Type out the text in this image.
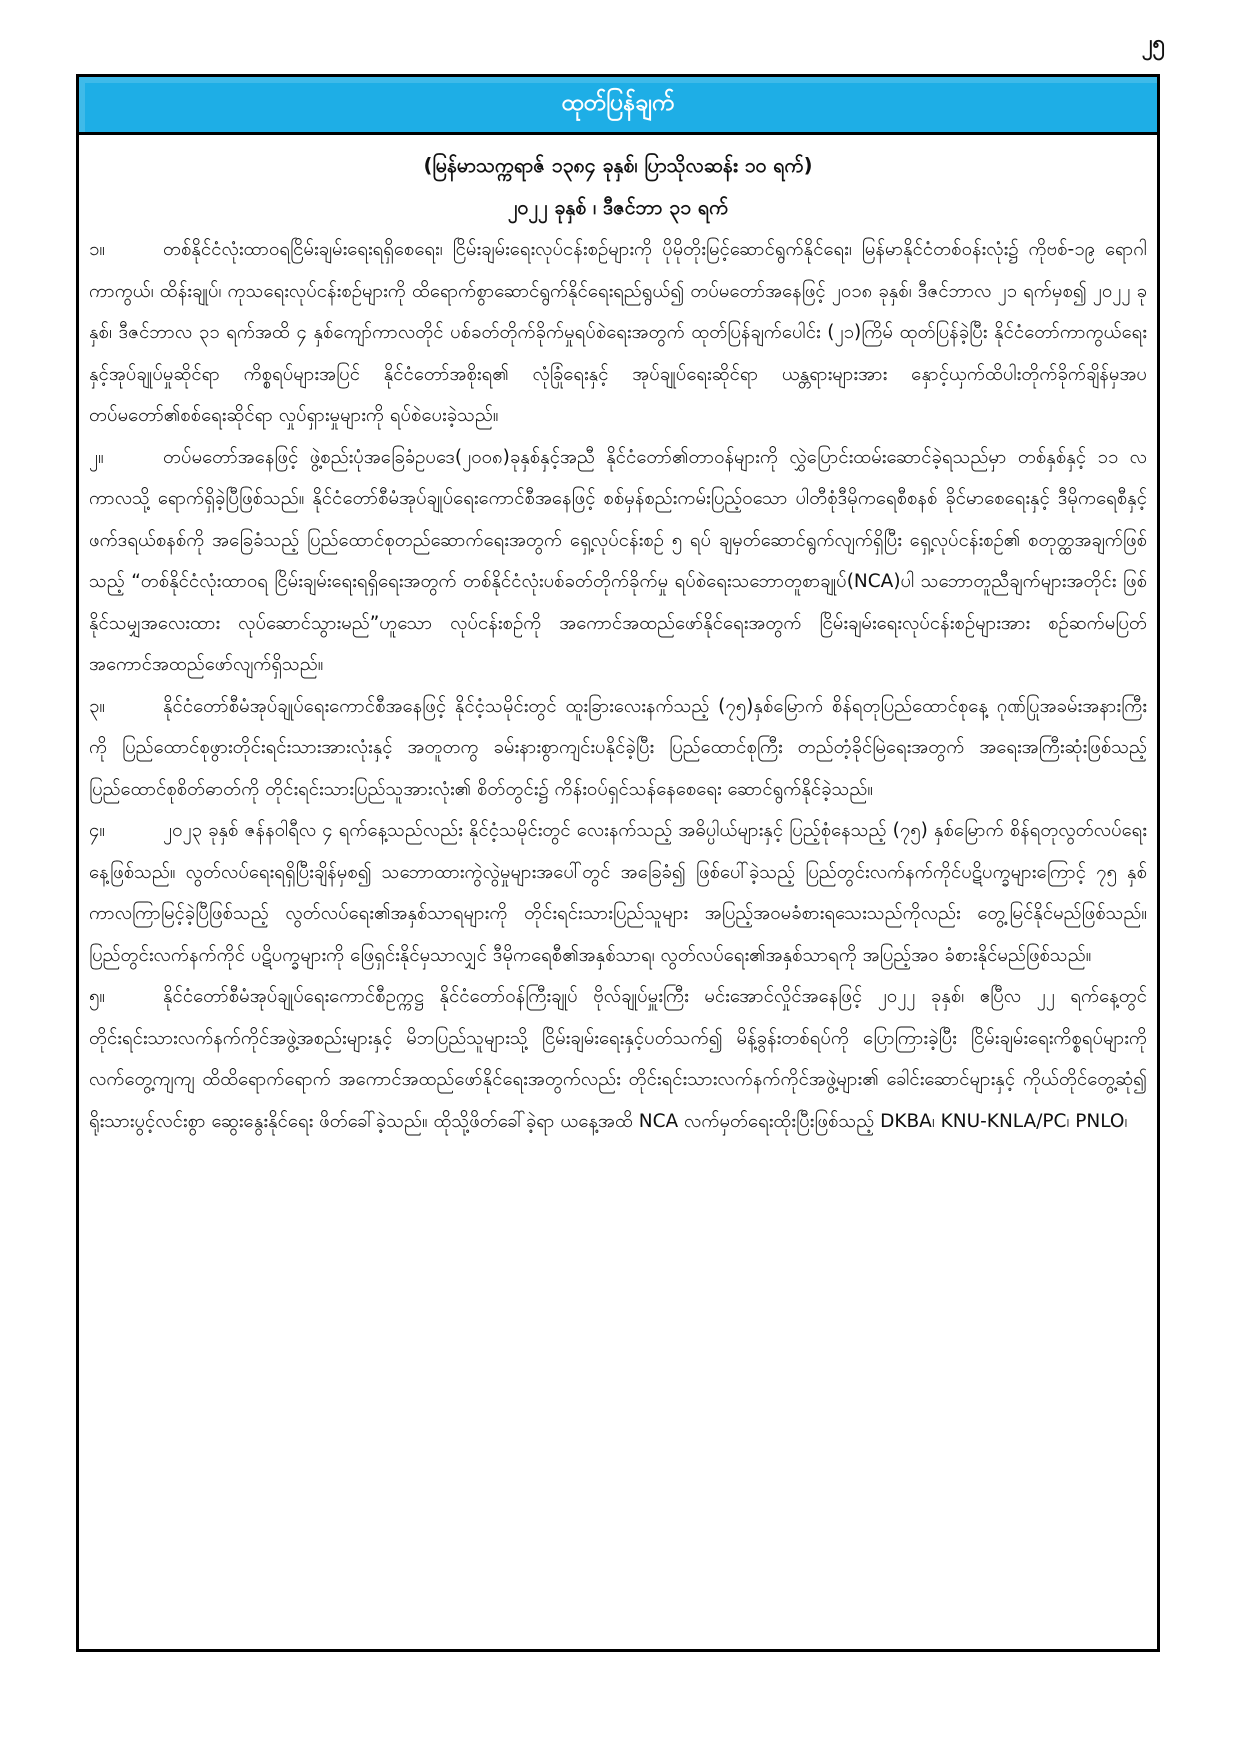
၂၅
ထုတ်ပြန်ချက်
(မြန်မာသက္ကရာဇ် ၁၃၈၄ ခုနှစ်၊ ပြာသိုလဆန်း ၁၀ ရက်)
၂၀၂၂ ခုနှစ် ၊ ဒီဇင်ဘာ ၃၁ ရက်

၁။	တစ်နိုင်ငံလုံးထာဝရငြိမ်းချမ်းရေးရရှိစေရေး၊ ငြိမ်းချမ်းရေးလုပ်ငန်းစဉ်များကို ပိုမိုတိုးမြင့်ဆောင်ရွက်နိုင်ရေး၊ မြန်မာနိုင်ငံတစ်ဝန်းလုံး၌ ကိုဗစ်-၁၉ ရောဂါ ကာကွယ်၊ ထိန်းချုပ်၊ ကုသရေးလုပ်ငန်းစဉ်များကို ထိရောက်စွာဆောင်ရွက်နိုင်ရေးရည်ရွယ်၍ တပ်မတော်အနေဖြင့် ၂၀၁၈ ခုနှစ်၊ ဒီဇင်ဘာလ ၂၁ ရက်မှစ၍ ၂၀၂၂ ခုနှစ်၊ ဒီဇင်ဘာလ ၃၁ ရက်အထိ ၄ နှစ်ကျော်ကာလတိုင် ပစ်ခတ်တိုက်ခိုက်မှုရပ်စဲရေးအတွက် ထုတ်ပြန်ချက်ပေါင်း (၂၁)ကြိမ် ထုတ်ပြန်ခဲ့ပြီး နိုင်ငံတော်ကာကွယ်ရေးနှင့်အုပ်ချုပ်မှုဆိုင်ရာ ကိစ္စရပ်များအပြင် နိုင်ငံတော်အစိုးရ၏ လုံခြုံရေးနှင့် အုပ်ချုပ်ရေးဆိုင်ရာ ယန္တရားများအား နှောင့်ယှက်ထိပါးတိုက်ခိုက်ချိန်မှအပ တပ်မတော်၏စစ်ရေးဆိုင်ရာ လှုပ်ရှားမှုများကို ရပ်စဲပေးခဲ့သည်။

၂။	တပ်မတော်အနေဖြင့် ဖွဲ့စည်းပုံအခြေခံဥပဒေ(၂၀၀၈)ခုနှစ်နှင့်အညီ နိုင်ငံတော်၏တာဝန်များကို လွှဲပြောင်းထမ်းဆောင်ခဲ့ရသည်မှာ တစ်နှစ်နှင့် ၁၁ လကာလသို့ ရောက်ရှိခဲ့ပြီဖြစ်သည်။ နိုင်ငံတော်စီမံအုပ်ချုပ်ရေးကောင်စီအနေဖြင့် စစ်မှန်စည်းကမ်းပြည့်ဝသော ပါတီစုံဒီမိုကရေစီစနစ် ခိုင်မာစေရေးနှင့် ဒီမိုကရေစီနှင့်ဖက်ဒရယ်စနစ်ကို အခြေခံသည့် ပြည်ထောင်စုတည်ဆောက်ရေးအတွက် ရှေ့လုပ်ငန်းစဉ် ၅ ရပ် ချမှတ်ဆောင်ရွက်လျက်ရှိပြီး ရှေ့လုပ်ငန်းစဉ်၏ စတုတ္ထအချက်ဖြစ်သည့် “တစ်နိုင်ငံလုံးထာဝရ ငြိမ်းချမ်းရေးရရှိရေးအတွက် တစ်နိုင်ငံလုံးပစ်ခတ်တိုက်ခိုက်မှု ရပ်စဲရေးသဘောတူစာချုပ်(NCA)ပါ သဘောတူညီချက်များအတိုင်း ဖြစ်နိုင်သမျှအလေးထား လုပ်ဆောင်သွားမည်”ဟူသော လုပ်ငန်းစဉ်ကို အကောင်အထည်ဖော်နိုင်ရေးအတွက် ငြိမ်းချမ်းရေးလုပ်ငန်းစဉ်များအား စဉ်ဆက်မပြတ် အကောင်အထည်ဖော်လျက်ရှိသည်။

၃။	နိုင်ငံတော်စီမံအုပ်ချုပ်ရေးကောင်စီအနေဖြင့် နိုင်ငံ့သမိုင်းတွင် ထူးခြားလေးနက်သည့် (၇၅)နှစ်မြောက် စိန်ရတုပြည်ထောင်စုနေ့ ဂုဏ်ပြုအခမ်းအနားကြီးကို ပြည်ထောင်စုဖွားတိုင်းရင်းသားအားလုံးနှင့် အတူတကွ ခမ်းနားစွာကျင်းပနိုင်ခဲ့ပြီး ပြည်ထောင်စုကြီး တည်တံ့ခိုင်မြဲရေးအတွက် အရေးအကြီးဆုံးဖြစ်သည့် ပြည်ထောင်စုစိတ်ဓာတ်ကို တိုင်းရင်းသားပြည်သူအားလုံး၏ စိတ်တွင်း၌ ကိန်းဝပ်ရှင်သန်နေစေရေး ဆောင်ရွက်နိုင်ခဲ့သည်။

၄။	၂၀၂၃ ခုနှစ် ဇန်နဝါရီလ ၄ ရက်နေ့သည်လည်း နိုင်ငံ့သမိုင်းတွင် လေးနက်သည့် အဓိပ္ပါယ်များနှင့် ပြည့်စုံနေသည့် (၇၅) နှစ်မြောက် စိန်ရတုလွတ်လပ်ရေးနေ့ဖြစ်သည်။ လွတ်လပ်ရေးရရှိပြီးချိန်မှစ၍ သဘောထားကွဲလွဲမှုများအပေါ်တွင် အခြေခံ၍ ဖြစ်ပေါ်ခဲ့သည့် ပြည်တွင်းလက်နက်ကိုင်ပဋိပက္ခများကြောင့် ၇၅ နှစ်ကာလကြာမြင့်ခဲ့ပြီဖြစ်သည့် လွတ်လပ်ရေး၏အနှစ်သာရများကို တိုင်းရင်းသားပြည်သူများ အပြည့်အဝမခံစားရသေးသည်ကိုလည်း တွေ့မြင်နိုင်မည်ဖြစ်သည်။ ပြည်တွင်းလက်နက်ကိုင် ပဋိပက္ခများကို ဖြေရှင်းနိုင်မှသာလျှင် ဒီမိုကရေစီ၏အနှစ်သာရ၊ လွတ်လပ်ရေး၏အနှစ်သာရကို အပြည့်အဝ ခံစားနိုင်မည်ဖြစ်သည်။

၅။	နိုင်ငံတော်စီမံအုပ်ချုပ်ရေးကောင်စီဥက္ကဋ္ဌ နိုင်ငံတော်ဝန်ကြီးချုပ် ဗိုလ်ချုပ်မှူးကြီး မင်းအောင်လှိုင်အနေဖြင့် ၂၀၂၂ ခုနှစ်၊ ဧပြီလ ၂၂ ရက်နေ့တွင် တိုင်းရင်းသားလက်နက်ကိုင်အဖွဲ့အစည်းများနှင့် မိဘပြည်သူများသို့ ငြိမ်းချမ်းရေးနှင့်ပတ်သက်၍ မိန့်ခွန်းတစ်ရပ်ကို ပြောကြားခဲ့ပြီး ငြိမ်းချမ်းရေးကိစ္စရပ်များကို လက်တွေ့ကျကျ ထိထိရောက်ရောက် အကောင်အထည်ဖော်နိုင်ရေးအတွက်လည်း တိုင်းရင်းသားလက်နက်ကိုင်အဖွဲ့များ၏ ခေါင်းဆောင်များနှင့် ကိုယ်တိုင်တွေ့ဆုံ၍ ရိုးသားပွင့်လင်းစွာ ဆွေးနွေးနိုင်ရေး ဖိတ်ခေါ်ခဲ့သည်။ ထိုသို့ဖိတ်ခေါ်ခဲ့ရာ ယနေ့အထိ NCA လက်မှတ်ရေးထိုးပြီးဖြစ်သည့် DKBA၊ KNU-KNLA/PC၊ PNLO၊
